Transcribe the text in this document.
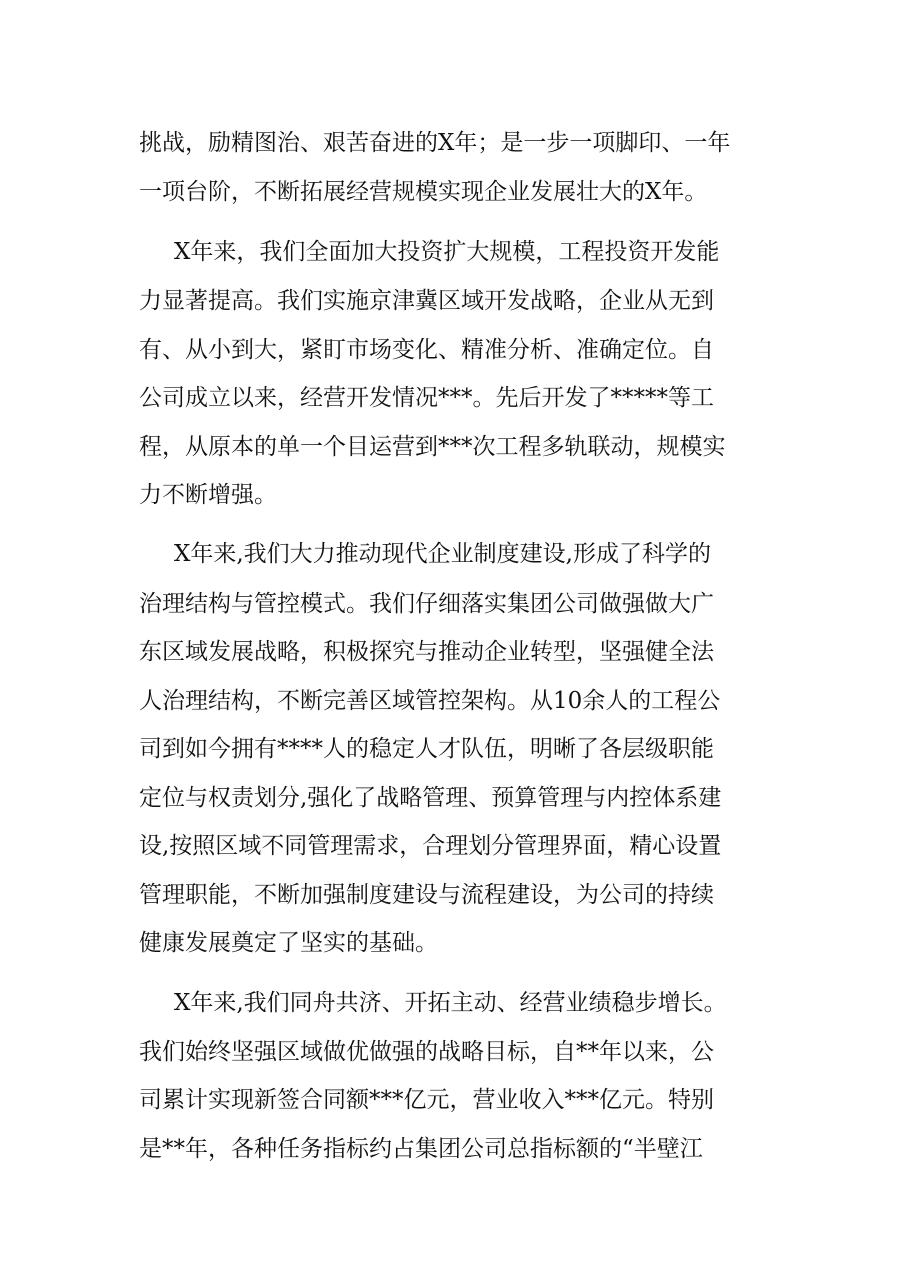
挑战，励精图治、艰苦奋进的X年；是一步一项脚印、一年

一项台阶，不断拓展经营规模实现企业发展壮大的X年。

X年来，我们全面加大投资扩大规模，工程投资开发能

力显著提高。我们实施京津冀区域开发战略，企业从无到

有、从小到大，紧盯市场变化、精准分析、准确定位。自

公司成立以来，经营开发情况***。先后开发了*****等工

程，从原本的单一个目运营到***次工程多轨联动，规模实

力不断增强。

X年来,我们大力推动现代企业制度建设,形成了科学的

治理结构与管控模式。我们仔细落实集团公司做强做大广

东区域发展战略，积极探究与推动企业转型，坚强健全法

人治理结构，不断完善区域管控架构。从10余人的工程公

司到如今拥有****人的稳定人才队伍，明晰了各层级职能

定位与权责划分,强化了战略管理、预算管理与内控体系建

设,按照区域不同管理需求，合理划分管理界面，精心设置

管理职能，不断加强制度建设与流程建设，为公司的持续

健康发展奠定了坚实的基础。

X年来,我们同舟共济、开拓主动、经营业绩稳步增长。

我们始终坚强区域做优做强的战略目标，自**年以来，公

司累计实现新签合同额***亿元，营业收入***亿元。特别

是**年，各种任务指标约占集团公司总指标额的“半壁江
